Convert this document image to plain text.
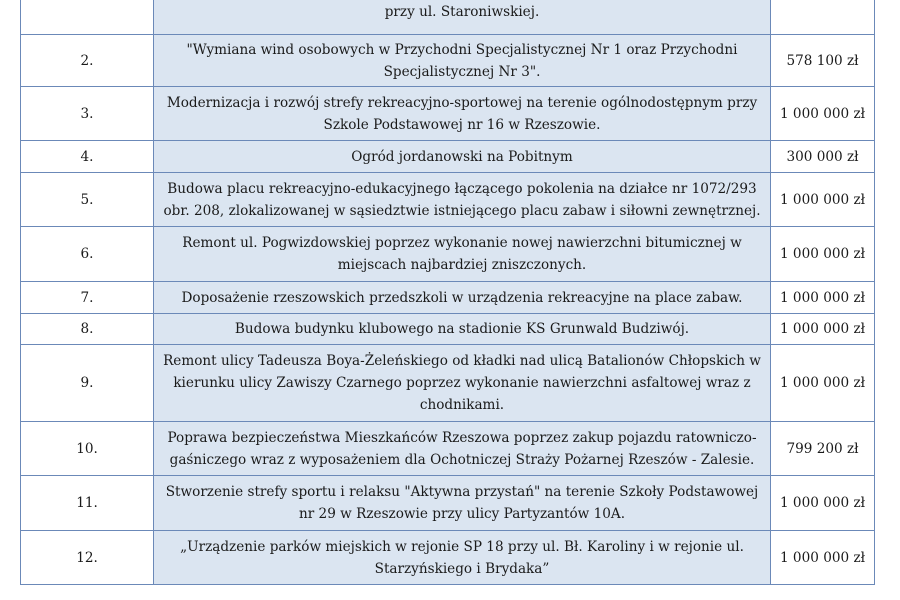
	przy ul. Staroniwskiej.	
2.	"Wymiana wind osobowych w Przychodni Specjalistycznej Nr 1 oraz Przychodni Specjalistycznej Nr 3".	578 100 zł
3.	Modernizacja i rozwój strefy rekreacyjno-sportowej na terenie ogólnodostępnym przy Szkole Podstawowej nr 16 w Rzeszowie.	1 000 000 zł
4.	Ogród jordanowski na Pobitnym	300 000 zł
5.	Budowa placu rekreacyjno-edukacyjnego łączącego pokolenia na działce nr 1072/293 obr. 208, zlokalizowanej w sąsiedztwie istniejącego placu zabaw i siłowni zewnętrznej.	1 000 000 zł
6.	Remont ul. Pogwizdowskiej poprzez wykonanie nowej nawierzchni bitumicznej w miejscach najbardziej zniszczonych.	1 000 000 zł
7.	Doposażenie rzeszowskich przedszkoli w urządzenia rekreacyjne na place zabaw.	1 000 000 zł
8.	Budowa budynku klubowego na stadionie KS Grunwald Budziwój.	1 000 000 zł
9.	Remont ulicy Tadeusza Boya-Żeleńskiego od kładki nad ulicą Batalionów Chłopskich w kierunku ulicy Zawiszy Czarnego poprzez wykonanie nawierzchni asfaltowej wraz z chodnikami.	1 000 000 zł
10.	Poprawa bezpieczeństwa Mieszkańców Rzeszowa poprzez zakup pojazdu ratowniczo-gaśniczego wraz z wyposażeniem dla Ochotniczej Straży Pożarnej Rzeszów - Zalesie.	799 200 zł
11.	Stworzenie strefy sportu i relaksu "Aktywna przystań" na terenie Szkoły Podstawowej nr 29 w Rzeszowie przy ulicy Partyzantów 10A.	1 000 000 zł
12.	„Urządzenie parków miejskich w rejonie SP 18 przy ul. Bł. Karoliny i w rejonie ul. Starzyńskiego i Brydaka”	1 000 000 zł
